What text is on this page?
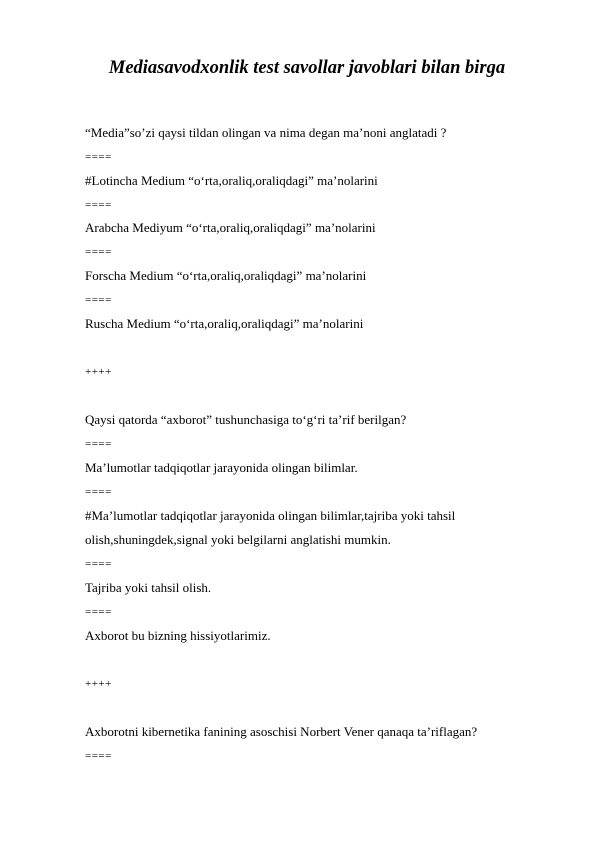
Mediasavodxonlik test savollar javoblari bilan birga
“Media”so’zi qaysi tildan olingan va nima degan ma’noni anglatadi ?
====
#Lotincha Medium “o‘rta,oraliq,oraliqdagi” ma’nolarini
====
Arabcha Mediyum “o‘rta,oraliq,oraliqdagi” ma’nolarini
====
Forscha Medium “o‘rta,oraliq,oraliqdagi” ma’nolarini
====
Ruscha Medium “o‘rta,oraliq,oraliqdagi” ma’nolarini
++++
Qaysi qatorda “axborot” tushunchasiga to‘g‘ri ta’rif berilgan?
====
Ma’lumotlar tadqiqotlar jarayonida olingan bilimlar.
====
#Ma’lumotlar tadqiqotlar jarayonida olingan bilimlar,tajriba yoki tahsil
olish,shuningdek,signal yoki belgilarni anglatishi mumkin.
====
Tajriba yoki tahsil olish.
====
Axborot bu bizning hissiyotlarimiz.
++++
Axborotni kibernetika fanining asoschisi Norbert Vener qanaqa ta’riflagan?
====
